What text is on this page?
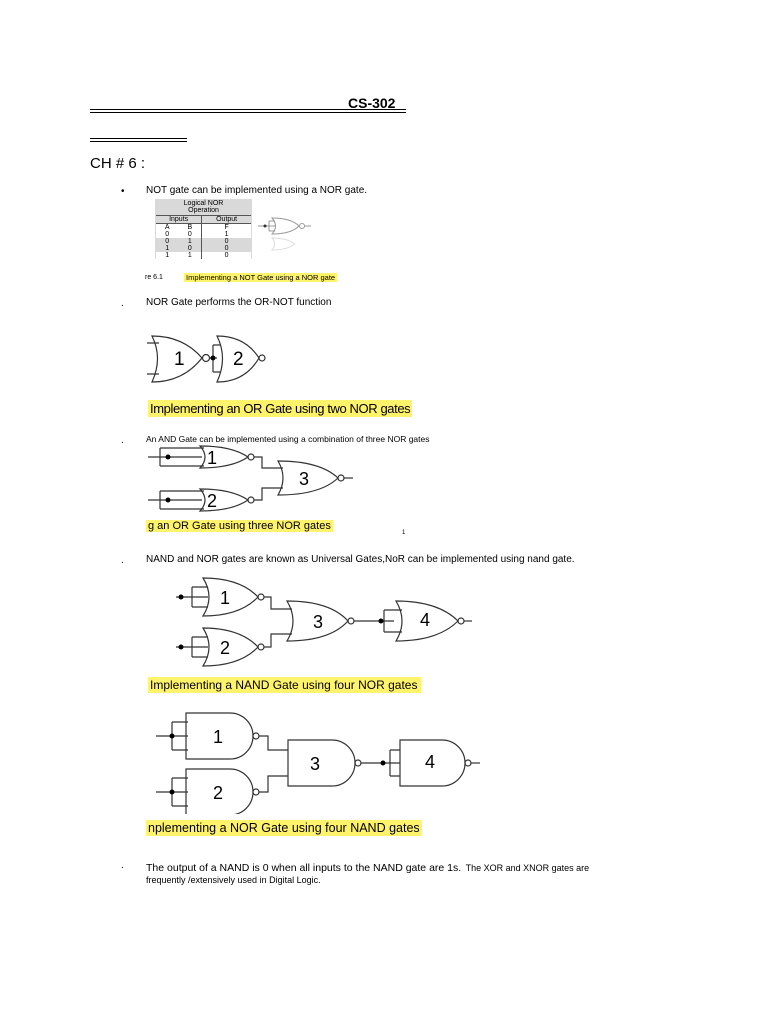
CS-302
CH # 6 :
• NOT gate can be implemented using a NOR gate.
Logical NOR
Operation
Inputs		Output
A	B	F
0	0	1
0	1	0
1	0	0
1	1	0
re 6.1	Implementing a NOT Gate using a NOR gate
. NOR Gate performs the OR-NOT function
1	2
Implementing an OR Gate using two NOR gates
.	An AND Gate can be implemented using a combination of three NOR gates
1
2
3
g an OR Gate using three NOR gates
1
. NAND and NOR gates are known as Universal Gates,NoR can be implemented using nand gate.
1
2
3	4
Implementing a NAND Gate using four NOR gates
1
2
3	4
nplementing a NOR Gate using four NAND gates
. The output of a NAND is 0 when all inputs to the NAND gate are 1s. The XOR and XNOR gates are
frequently /extensively used in Digital Logic.
